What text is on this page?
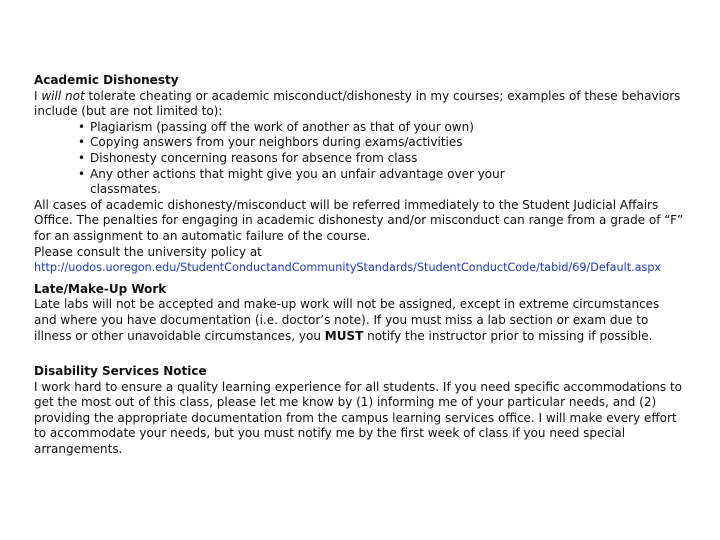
Academic Dishonesty

I will not tolerate cheating or academic misconduct/dishonesty in my courses; examples of these behaviors include (but are not limited to):

• Plagiarism (passing off the work of another as that of your own)
• Copying answers from your neighbors during exams/activities
• Dishonesty concerning reasons for absence from class
• Any other actions that might give you an unfair advantage over your classmates.

All cases of academic dishonesty/misconduct will be referred immediately to the Student Judicial Affairs Office. The penalties for engaging in academic dishonesty and/or misconduct can range from a grade of “F” for an assignment to an automatic failure of the course.

Please consult the university policy at

http://uodos.uoregon.edu/StudentConductandCommunityStandards/StudentConductCode/tabid/69/Default.aspx
Late/Make-Up Work

Late labs will not be accepted and make-up work will not be assigned, except in extreme circumstances and where you have documentation (i.e. doctor’s note). If you must miss a lab section or exam due to illness or other unavoidable circumstances, you MUST notify the instructor prior to missing if possible.

Disability Services Notice

I work hard to ensure a quality learning experience for all students. If you need specific accommodations to get the most out of this class, please let me know by (1) informing me of your particular needs, and (2) providing the appropriate documentation from the campus learning services office. I will make every effort to accommodate your needs, but you must notify me by the first week of class if you need special arrangements.
